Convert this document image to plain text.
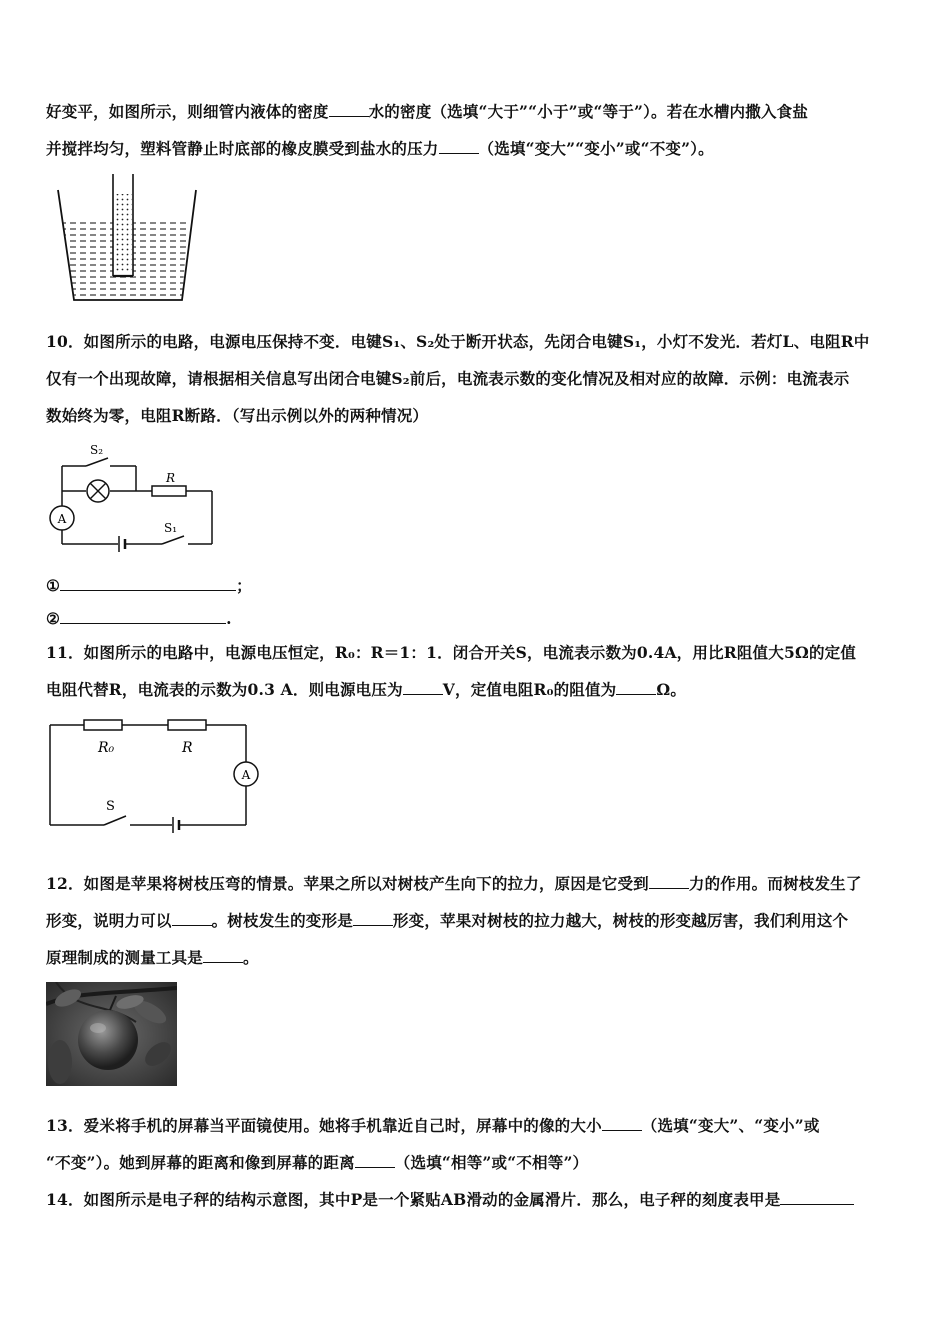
好变平，如图所示，则细管内液体的密度	水的密度（选填“大于”“小于”或“等于”）。若在水槽内撒入食盐
并搅拌均匀，塑料管静止时底部的橡皮膜受到盐水的压力	（选填“变大”“变小”或“不变”）。
10．如图所示的电路，电源电压保持不变．电键S₁、S₂处于断开状态，先闭合电键S₁，小灯不发光．若灯L、电阻R中
仅有一个出现故障，请根据相关信息写出闭合电键S₂前后，电流表示数的变化情况及相对应的故障．示例：电流表示
数始终为零，电阻R断路．（写出示例以外的两种情况）
A
S₂
R
S₁
①	；
②	.
11．如图所示的电路中，电源电压恒定，R₀：R＝1：1．闭合开关S，电流表示数为0.4A，用比R阻值大5Ω的定值
电阻代替R，电流表的示数为0.3 A．则电源电压为	V，定值电阻R₀的阻值为	Ω。
A
R₀	R
S
12．如图是苹果将树枝压弯的情景。苹果之所以对树枝产生向下的拉力，原因是它受到	力的作用。而树枝发生了
形变，说明力可以	。树枝发生的变形是	形变，苹果对树枝的拉力越大，树枝的形变越厉害，我们利用这个
原理制成的测量工具是	。
13．爱米将手机的屏幕当平面镜使用。她将手机靠近自己时，屏幕中的像的大小	（选填“变大”、“变小”或
“不变”）。她到屏幕的距离和像到屏幕的距离	（选填“相等”或“不相等”）
14．如图所示是电子秤的结构示意图，其中P是一个紧贴AB滑动的金属滑片．那么，电子秤的刻度表甲是
